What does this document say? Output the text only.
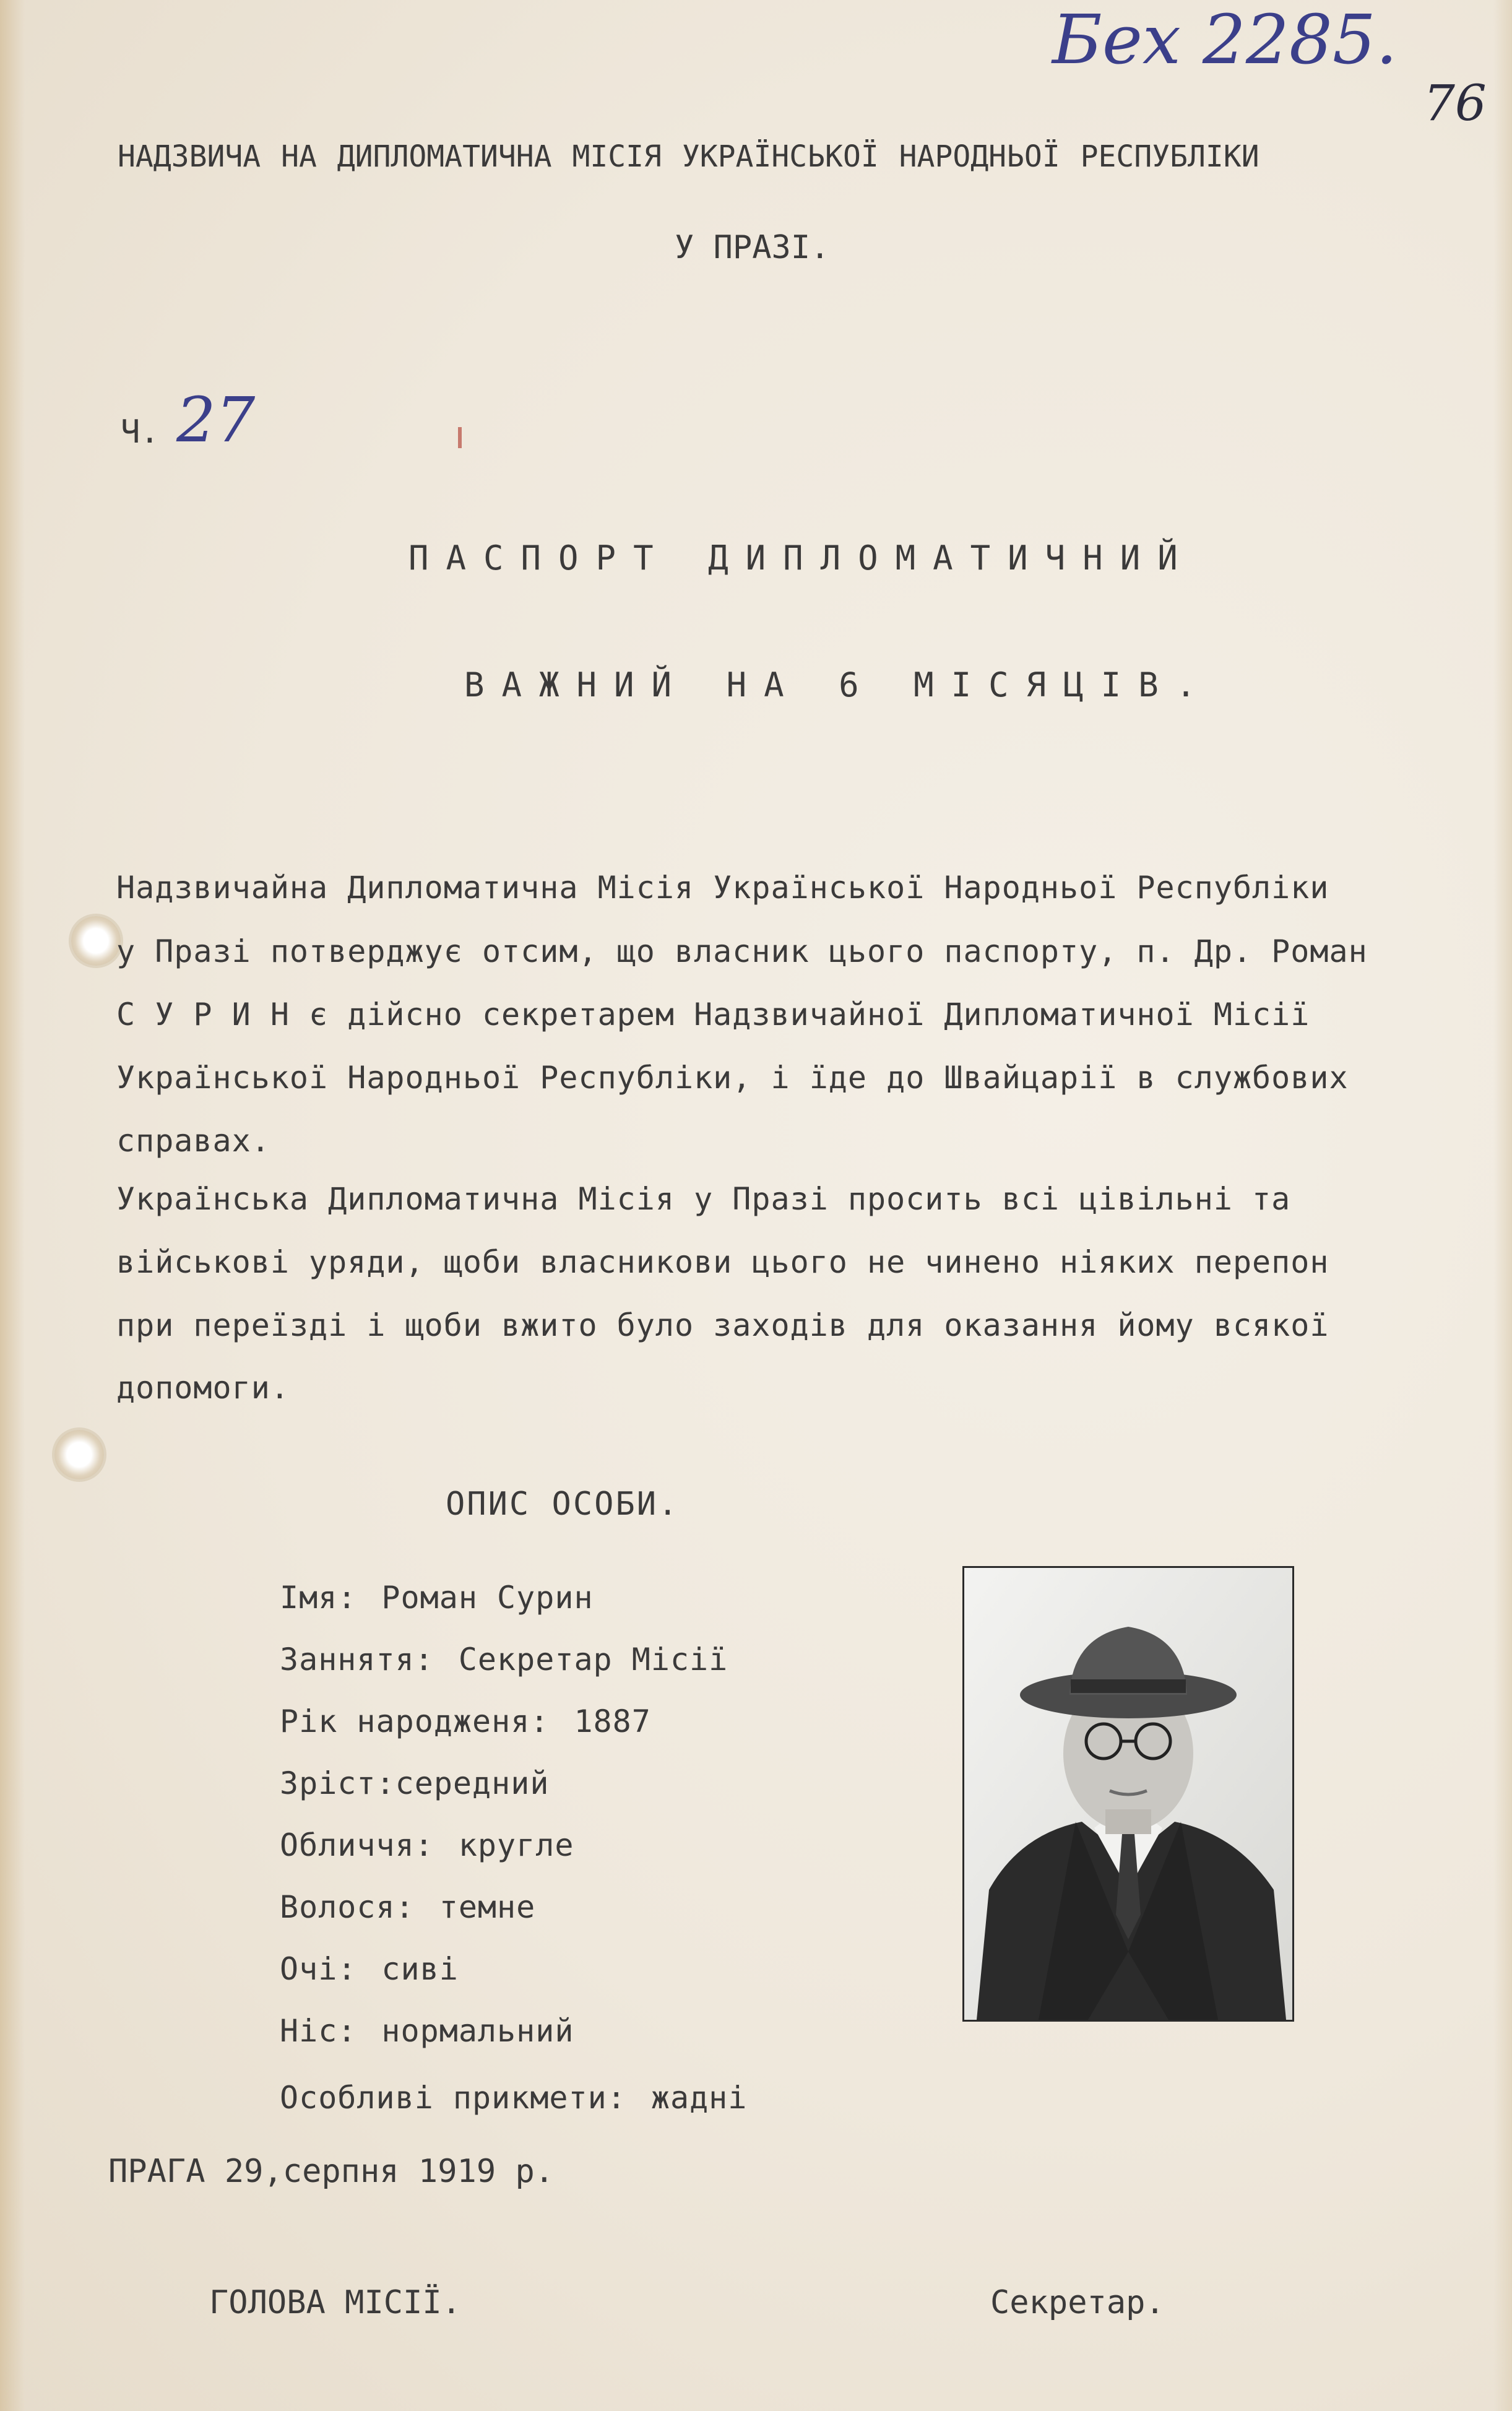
Бех 2285.
76
НАДЗВИЧА НА ДИПЛОМАТИЧНА МІСІЯ УКРАЇНСЬКОЇ НАРОДНЬОЇ РЕСПУБЛІКИ
У ПРАЗІ.
Ч. 27
ПАСПОРТ ДИПЛОМАТИЧНИЙ
ВАЖНИЙ НА 6 МІСЯЦІВ.
Надзвичайна Дипломатична Місія Української Народньої Республіки
у Празі потверджує отсим, що власник цього паспорту, п. Др. Роман
С У Р И Н є дійсно секретарем Надзвичайної Дипломатичної Місії
Української Народньої Республіки, і їде до Швайцарії в службових
справах.
Українська Дипломатична Місія у Празі просить всі цівільні та
військові уряди, щоби власникови цього не чинено ніяких перепон
при переїзді і щоби вжито було заходів для оказання йому всякої
допомоги.
ОПИС ОСОБИ.
Імя: Роман Сурин
Заннятя: Секретар Місії
Рік народженя: 1887
Зріст:середний
Обличчя: кругле
Волося: темне
Очі: сиві
Ніс: нормальний
Особливі прикмети: жадні
ПРАГА 29,серпня 1919 р.
ГОЛОВА МІСІЇ.	Секретар.
